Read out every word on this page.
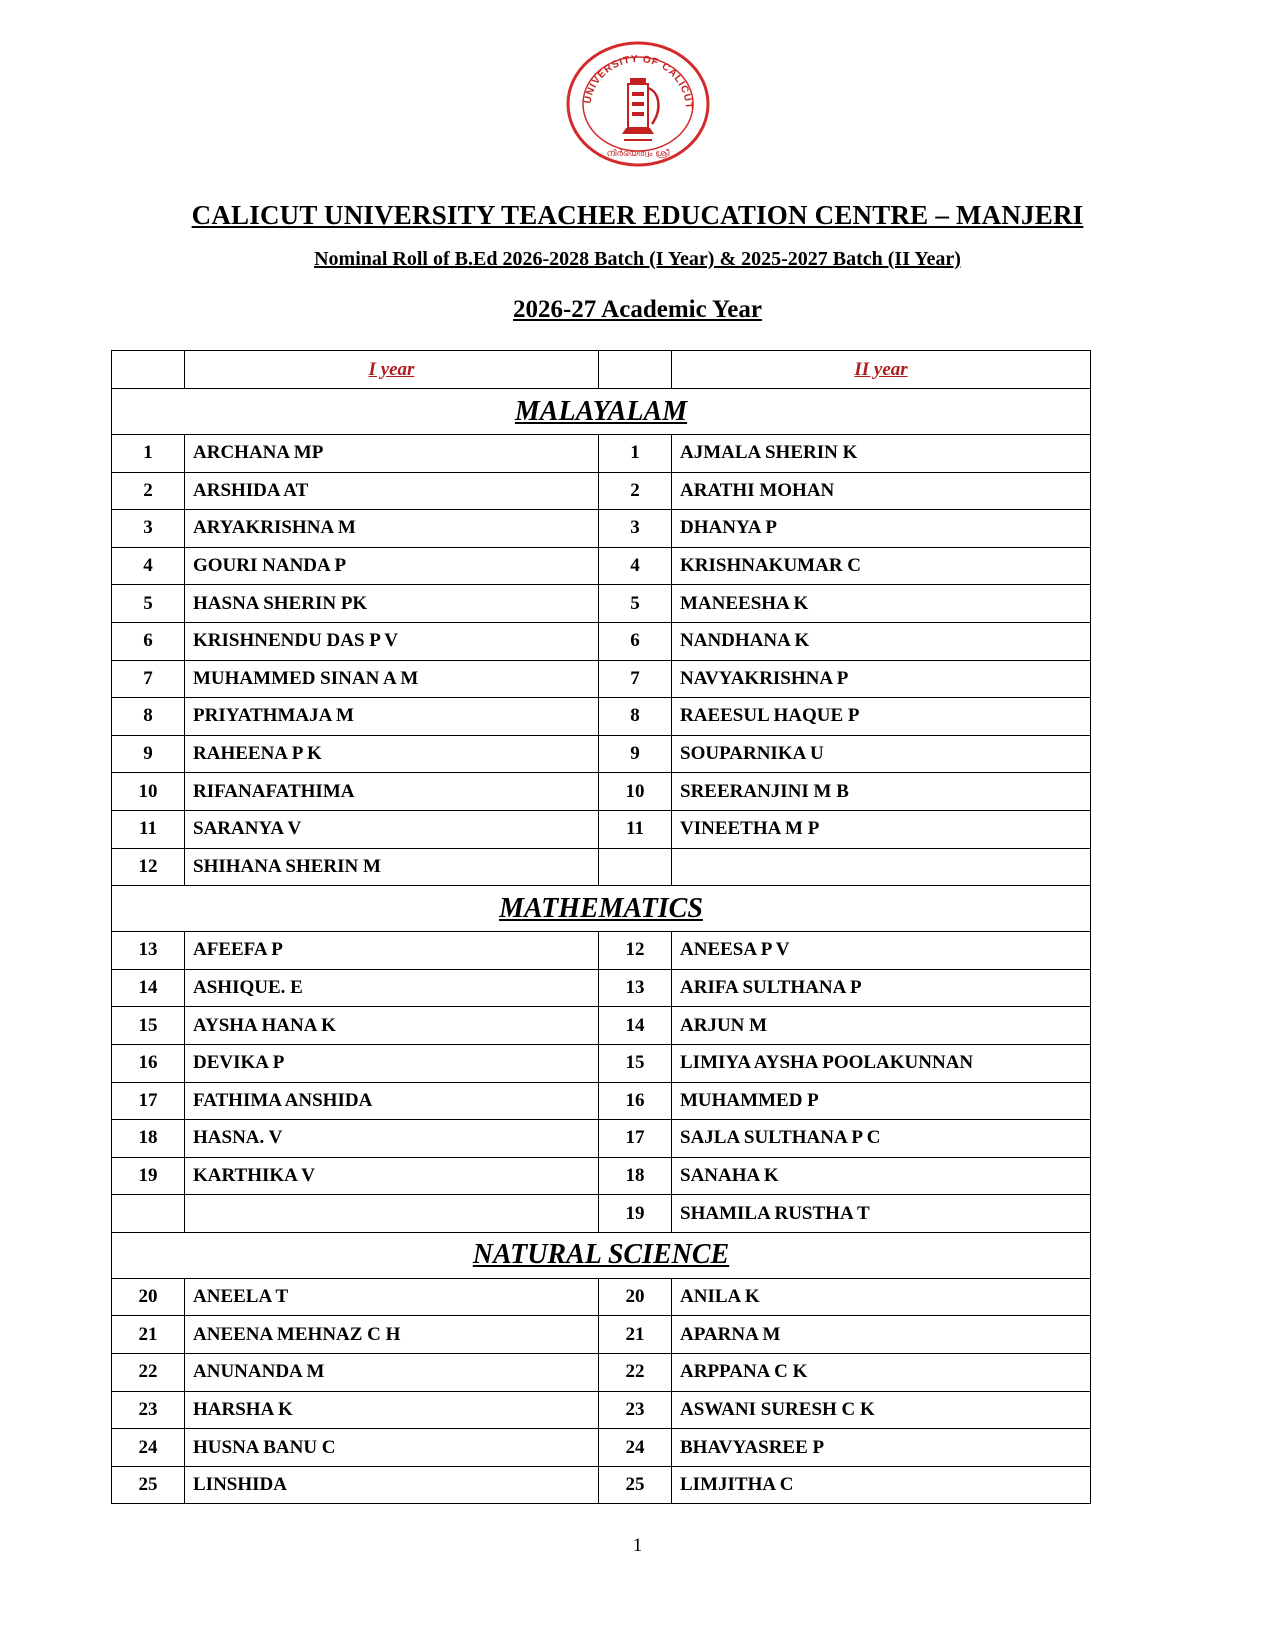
UNIVERSITY OF CALICUT
നിർഭയത്വം ശ്രീ
CALICUT UNIVERSITY TEACHER EDUCATION CENTRE – MANJERI
Nominal Roll of B.Ed 2026-2028 Batch (I Year) & 2025-2027 Batch (II Year)
2026-27 Academic Year
	I year		II year
MALAYALAM			
1	ARCHANA MP	1	AJMALA SHERIN K
2	ARSHIDA AT	2	ARATHI MOHAN
3	ARYAKRISHNA M	3	DHANYA P
4	GOURI NANDA P	4	KRISHNAKUMAR C
5	HASNA SHERIN PK	5	MANEESHA K
6	KRISHNENDU DAS P V	6	NANDHANA K
7	MUHAMMED SINAN A M	7	NAVYAKRISHNA P
8	PRIYATHMAJA M	8	RAEESUL HAQUE P
9	RAHEENA P K	9	SOUPARNIKA U
10	RIFANAFATHIMA	10	SREERANJINI M B
11	SARANYA V	11	VINEETHA M P
12	SHIHANA SHERIN M		
MATHEMATICS			
13	AFEEFA P	12	ANEESA P V
14	ASHIQUE. E	13	ARIFA SULTHANA P
15	AYSHA HANA K	14	ARJUN M
16	DEVIKA P	15	LIMIYA AYSHA POOLAKUNNAN
17	FATHIMA ANSHIDA	16	MUHAMMED P
18	HASNA. V	17	SAJLA SULTHANA P C
19	KARTHIKA V	18	SANAHA K
		19	SHAMILA RUSTHA T
NATURAL SCIENCE			
20	ANEELA T	20	ANILA K
21	ANEENA MEHNAZ C H	21	APARNA M
22	ANUNANDA M	22	ARPPANA C K
23	HARSHA K	23	ASWANI SURESH C K
24	HUSNA BANU C	24	BHAVYASREE P
25	LINSHIDA	25	LIMJITHA C
1
